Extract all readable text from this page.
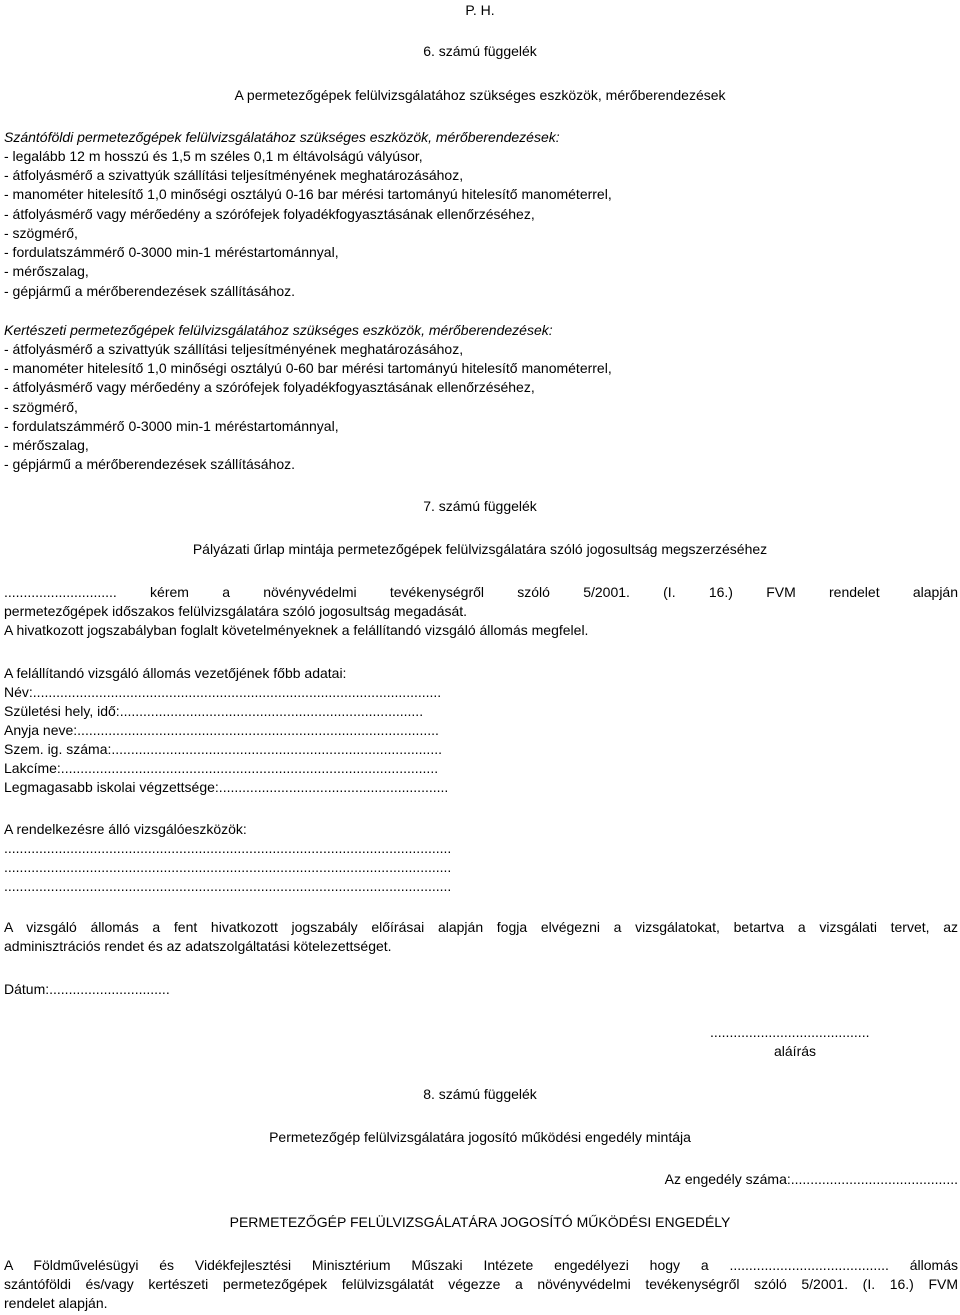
P. H.
6. számú függelék
A permetezőgépek felülvizsgálatához szükséges eszközök, mérőberendezések
Szántóföldi permetezőgépek felülvizsgálatához szükséges eszközök, mérőberendezések:
- legalább 12 m hosszú és 1,5 m széles 0,1 m éltávolságú vályúsor,
- átfolyásmérő a szivattyúk szállítási teljesítményének meghatározásához,
- manométer hitelesítő 1,0 minőségi osztályú 0-16 bar mérési tartományú hitelesítő manométerrel,
- átfolyásmérő vagy mérőedény a szórófejek folyadékfogyasztásának ellenőrzéséhez,
- szögmérő,
- fordulatszámmérő 0-3000 min-1 méréstartománnyal,
- mérőszalag,
- gépjármű a mérőberendezések szállításához.
Kertészeti permetezőgépek felülvizsgálatához szükséges eszközök, mérőberendezések:
- átfolyásmérő a szivattyúk szállítási teljesítményének meghatározásához,
- manométer hitelesítő 1,0 minőségi osztályú 0-60 bar mérési tartományú hitelesítő manométerrel,
- átfolyásmérő vagy mérőedény a szórófejek folyadékfogyasztásának ellenőrzéséhez,
- szögmérő,
- fordulatszámmérő 0-3000 min-1 méréstartománnyal,
- mérőszalag,
- gépjármű a mérőberendezések szállításához.
7. számú függelék
Pályázati űrlap mintája permetezőgépek felülvizsgálatára szóló jogosultság megszerzéséhez
............................. kérem a növényvédelmi tevékenységről szóló 5/2001. (I. 16.) FVM rendelet alapján
permetezőgépek időszakos felülvizsgálatára szóló jogosultság megadását.
A hivatkozott jogszabályban foglalt követelményeknek a felállítandó vizsgáló állomás megfelel.
A felállítandó vizsgáló állomás vezetőjének főbb adatai:
Név:.........................................................................................................
Születési hely, idő:..............................................................................
Anyja neve:.............................................................................................
Szem. ig. száma:.....................................................................................
Lakcíme:.................................................................................................
Legmagasabb iskolai végzettsége:...........................................................
A rendelkezésre álló vizsgálóeszközök:
...................................................................................................................
...................................................................................................................
...................................................................................................................
A vizsgáló állomás a fent hivatkozott jogszabály előírásai alapján fogja elvégezni a vizsgálatokat, betartva a vizsgálati tervet, az
adminisztrációs rendet és az adatszolgáltatási kötelezettséget.
Dátum:...............................
.........................................
aláírás
8. számú függelék
Permetezőgép felülvizsgálatára jogosító működési engedély mintája
Az engedély száma:...........................................
PERMETEZŐGÉP FELÜLVIZSGÁLATÁRA JOGOSÍTÓ MŰKÖDÉSI ENGEDÉLY
A Földművelésügyi és Vidékfejlesztési Minisztérium Műszaki Intézete engedélyezi hogy a ......................................... állomás
szántóföldi és/vagy kertészeti permetezőgépek felülvizsgálatát végezze a növényvédelmi tevékenységről szóló 5/2001. (I. 16.) FVM
rendelet alapján.
